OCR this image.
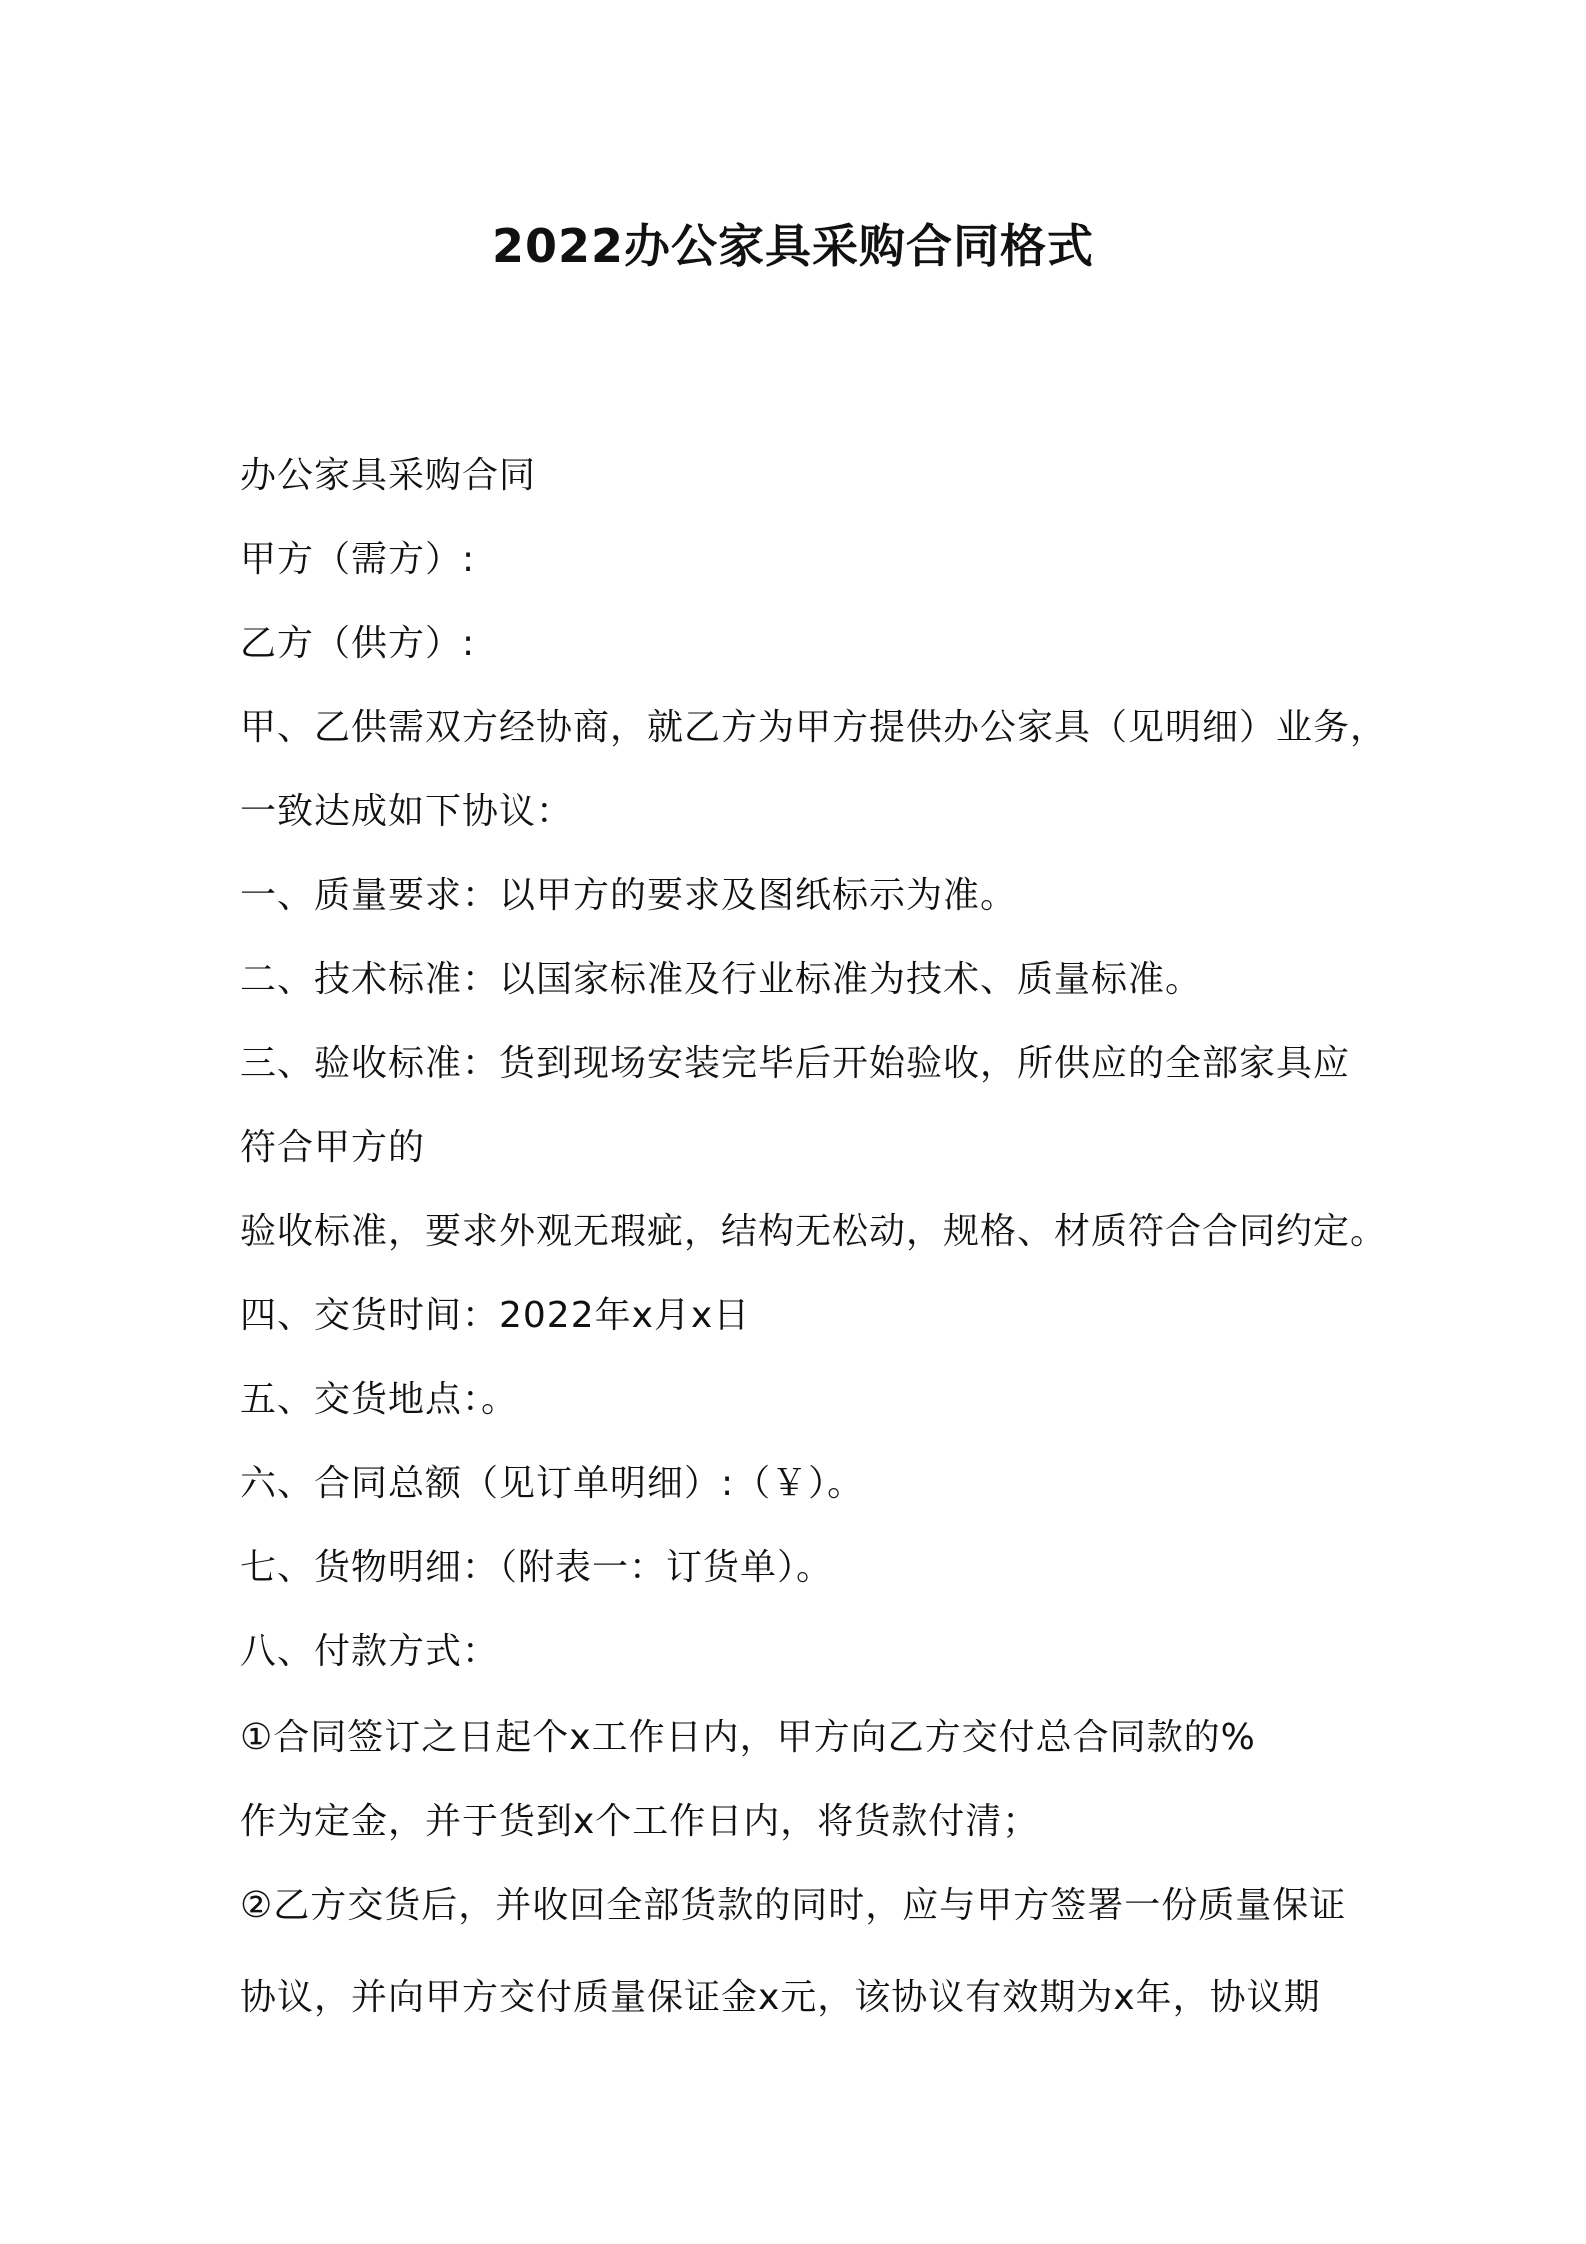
2022办公家具采购合同格式
办公家具采购合同
甲方（需方）:
乙方（供方）:
甲、乙供需双方经协商，就乙方为甲方提供办公家具（见明细）业务，
一致达成如下协议：
一、质量要求：以甲方的要求及图纸标示为准。
二、技术标准：以国家标准及行业标准为技术、质量标准。
三、验收标准：货到现场安装完毕后开始验收，所供应的全部家具应
符合甲方的
验收标准，要求外观无瑕疵，结构无松动，规格、材质符合合同约定。
四、交货时间：2022年x月x日
五、交货地点：。
六、合同总额（见订单明细）:（￥）。
七、货物明细：（附表一：订货单）。
八、付款方式：
①合同签订之日起个x工作日内，甲方向乙方交付总合同款的%
作为定金，并于货到x个工作日内，将货款付清；
②乙方交货后，并收回全部货款的同时，应与甲方签署一份质量保证
协议，并向甲方交付质量保证金x元，该协议有效期为x年，协议期
